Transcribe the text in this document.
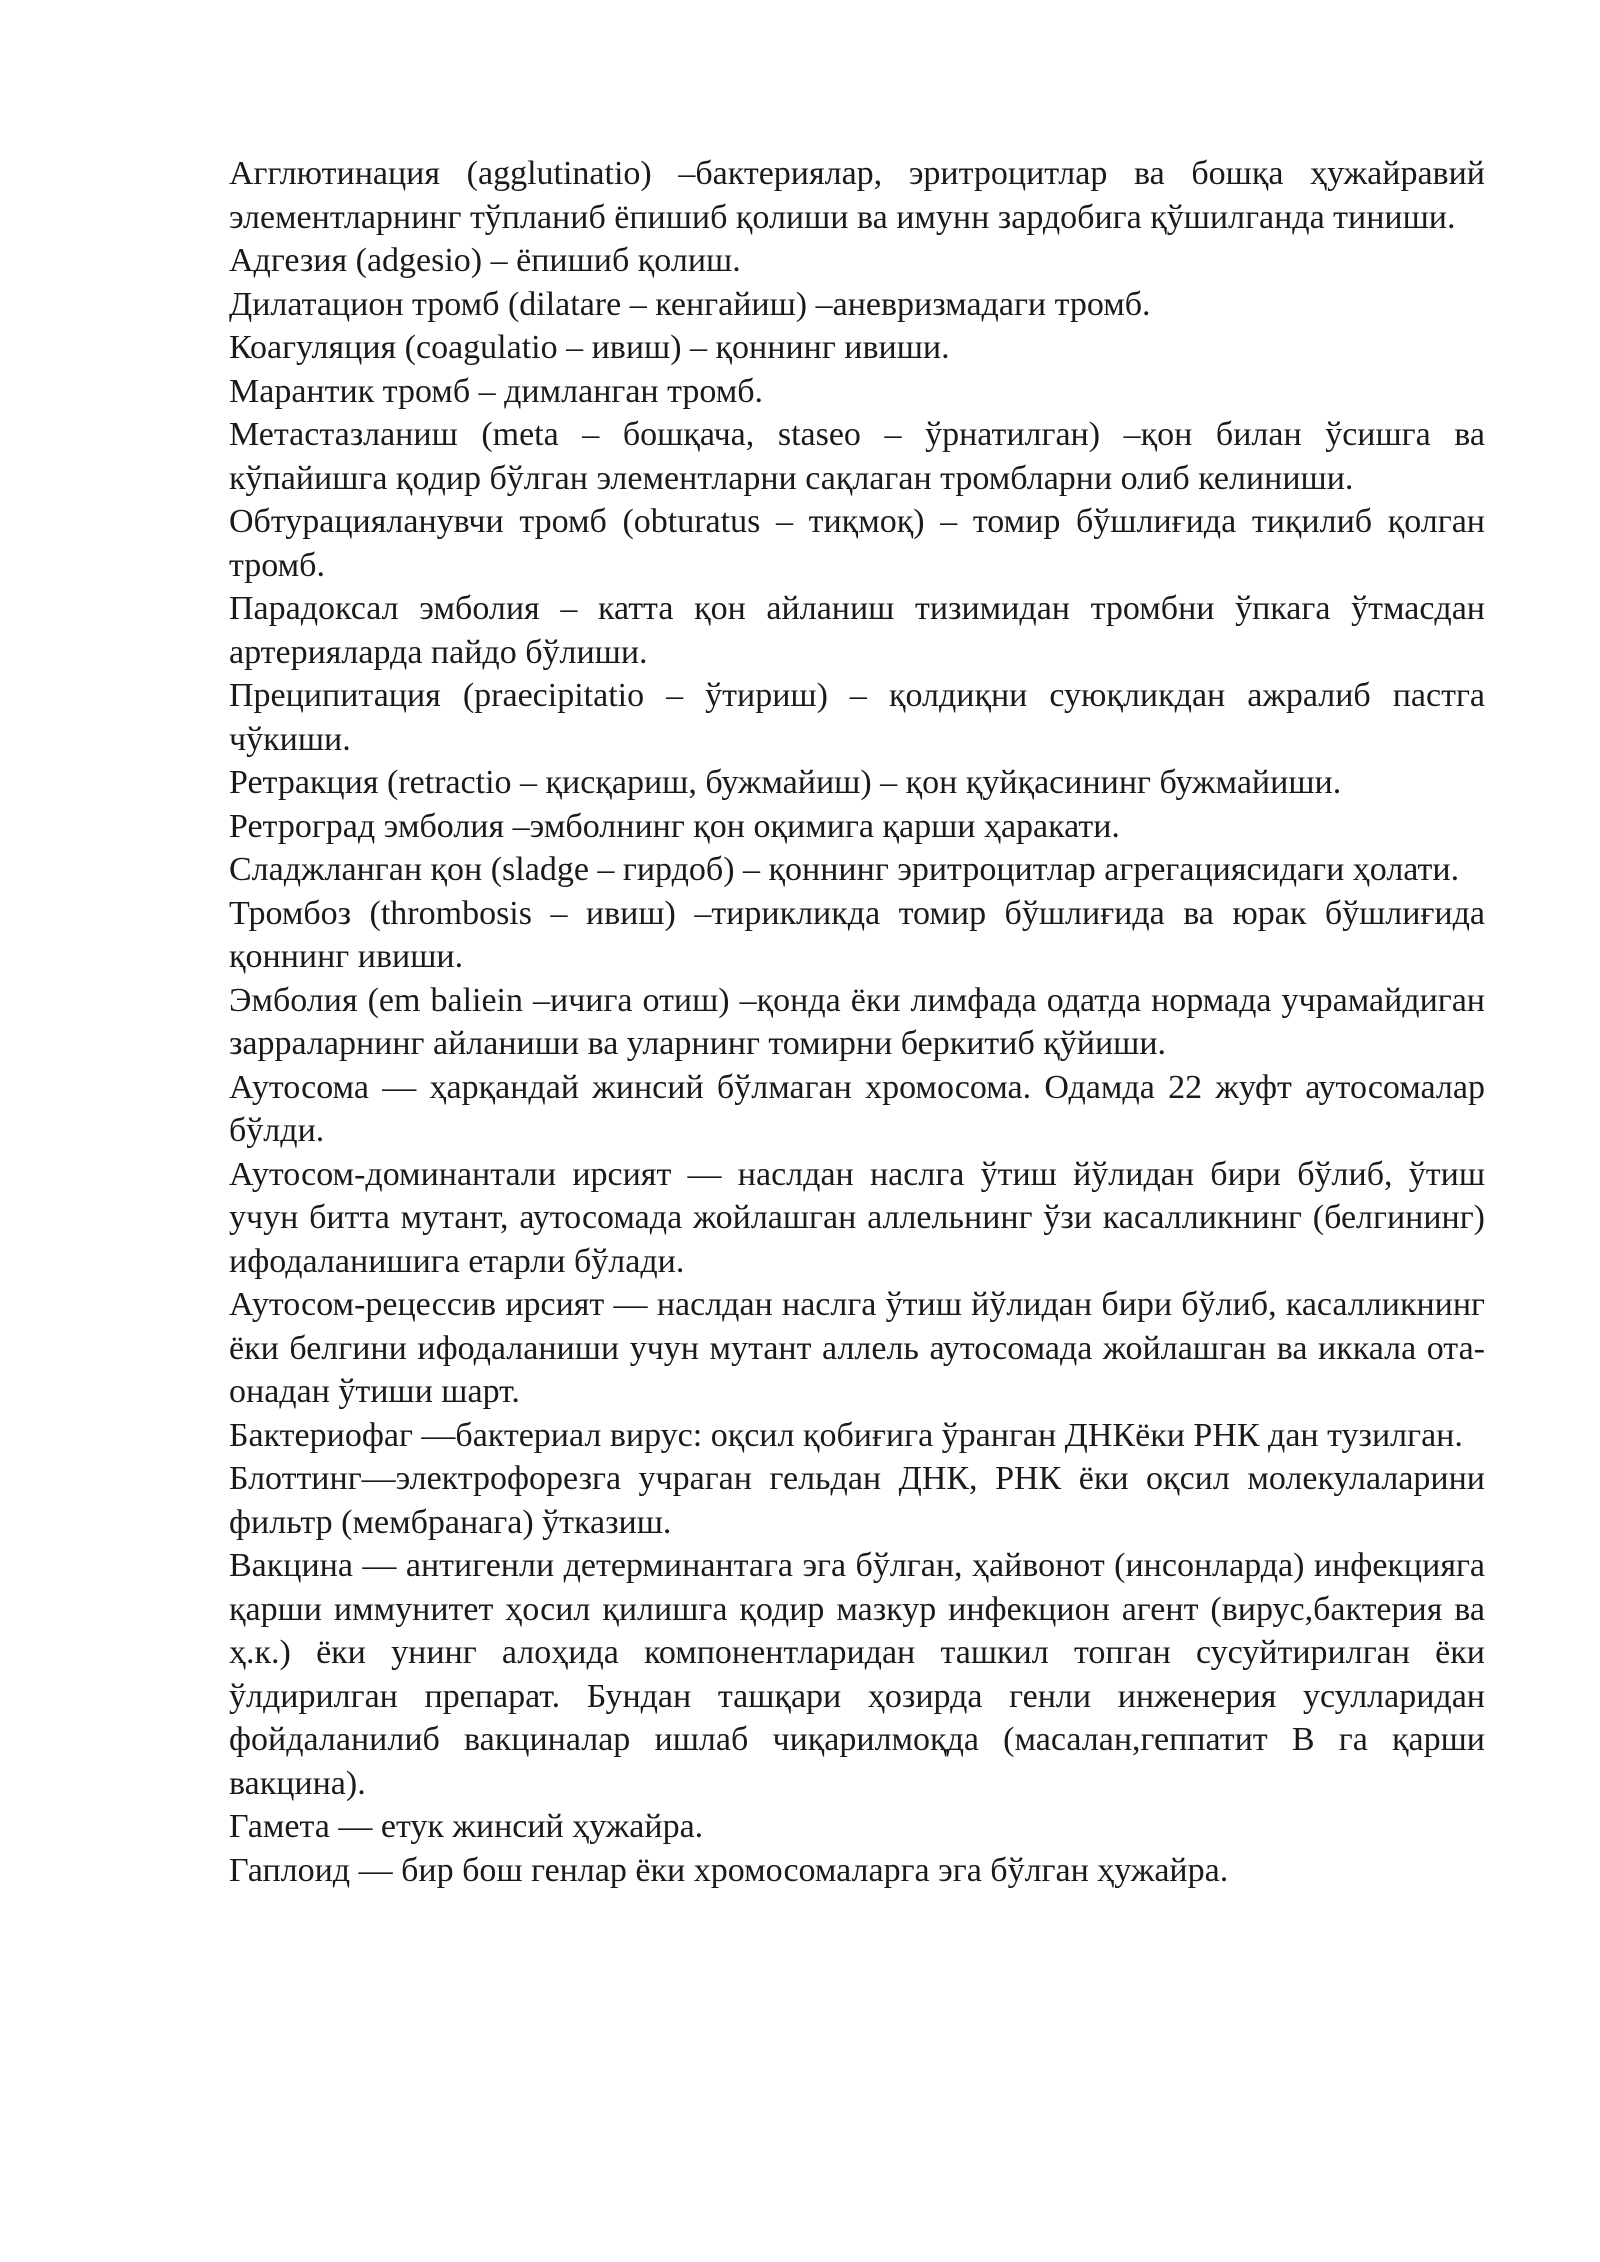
Агглютинация (agglutinatio) –бактериялар, эритроцитлар ва бошқа ҳужайравий элементларнинг тўпланиб ёпишиб қолиши ва имунн зардобига қўшилганда тиниши.

Адгезия (adgesio) – ёпишиб қолиш.

Дилатацион тромб (dilatare – кенгайиш) –аневризмадаги тромб.

Коагуляция (coagulatio – ивиш) – қоннинг ивиши.

Марантик тромб – димланган тромб.

Метастазланиш (meta – бошқача, staseo – ўрнатилган) –қон билан ўсишга ва кўпайишга қодир бўлган элементларни сақлаган тромбларни олиб келиниши.

Обтурацияланувчи тромб (obturatus – тиқмоқ) – томир бўшлиғида тиқилиб қолган тромб.

Парадоксал эмболия – катта қон айланиш тизимидан тромбни ўпкага ўтмасдан артерияларда пайдо бўлиши.

Преципитация (praecipitatio – ўтириш) – қолдиқни суюқликдан ажралиб пастга чўкиши.

Ретракция (retractio – қисқариш, бужмайиш) – қон қуйқасининг бужмайиши.

Ретроград эмболия –эмболнинг қон оқимига қарши ҳаракати.

Сладжланган қон (sladge – гирдоб) – қоннинг эритроцитлар агрегациясидаги ҳолати.

Тромбоз (thrombosis – ивиш) –тирикликда томир бўшлиғида ва юрак бўшлиғида қоннинг ивиши.

Эмболия (em balіein –ичига отиш) –қонда ёки лимфада одатда нормада учрамайдиган зарраларнинг айланиши ва уларнинг томирни беркитиб қўйиши.

Аутосома — ҳарқандай жинсий бўлмаган хромосома. Одамда 22 жуфт аутосомалар бўлди.

Аутосом-доминантали ирсият — наслдан наслга ўтиш йўлидан бири бўлиб, ўтиш учун битта мутант, аутосомада жойлашган аллельнинг ўзи касалликнинг (белгининг) ифодаланишига етарли бўлади.

Аутосом-рецессив ирсият — наслдан наслга ўтиш йўлидан бири бўлиб, касалликнинг ёки белгини ифодаланиши учун мутант аллель аутосомада жойлашган ва иккала ота-онадан ўтиши шарт.

Бактериофаг —бактериал вирус: оқсил қобиғига ўранган ДНКёки РНК дан тузилган.

Блоттинг—электрофорезга учраган гельдан ДНК, РНК ёки оқсил молекулаларини фильтр (мембранага) ўтказиш.

Вакцина — антигенли детерминантага эга бўлган, ҳайвонот (инсонларда) инфекцияга қарши иммунитет ҳосил қилишга қодир мазкур инфекцион агент (вирус,бактерия ва ҳ.к.) ёки унинг алоҳида компонентларидан ташкил топган сусуйтирилган ёки ўлдирилган препарат. Бундан ташқари ҳозирда генли инженерия усулларидан фойдаланилиб вакциналар ишлаб чиқарилмоқда (масалан,геппатит В га қарши вакцина).

Гамета — етук жинсий ҳужайра.

Гаплоид — бир бош генлар ёки хромосомаларга эга бўлган ҳужайра.
